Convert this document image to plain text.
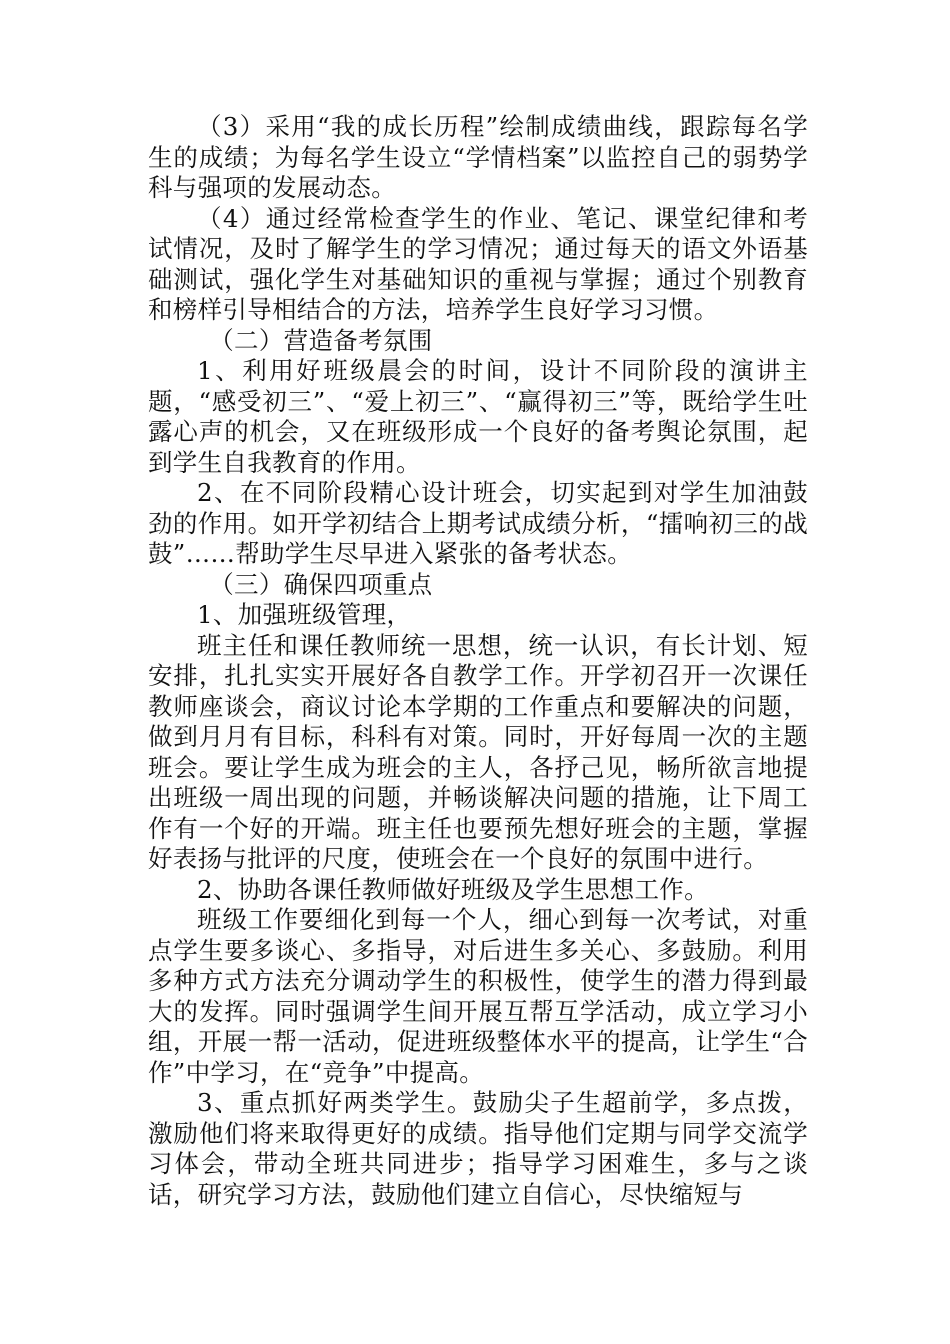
（3）采用“我的成长历程”绘制成绩曲线，跟踪每名学生的成绩；为每名学生设立“学情档案”以监控自己的弱势学科与强项的发展动态。

（4）通过经常检查学生的作业、笔记、课堂纪律和考试情况，及时了解学生的学习情况；通过每天的语文外语基础测试，强化学生对基础知识的重视与掌握；通过个别教育和榜样引导相结合的方法，培养学生良好学习习惯。

（二）营造备考氛围

1、利用好班级晨会的时间，设计不同阶段的演讲主题，“感受初三”、“爱上初三”、“赢得初三”等，既给学生吐露心声的机会，又在班级形成一个良好的备考舆论氛围，起到学生自我教育的作用。

2、在不同阶段精心设计班会，切实起到对学生加油鼓劲的作用。如开学初结合上期考试成绩分析，“擂响初三的战鼓”……帮助学生尽早进入紧张的备考状态。

（三）确保四项重点

1、加强班级管理，

班主任和课任教师统一思想，统一认识，有长计划、短安排，扎扎实实开展好各自教学工作。开学初召开一次课任教师座谈会，商议讨论本学期的工作重点和要解决的问题，做到月月有目标，科科有对策。同时，开好每周一次的主题班会。要让学生成为班会的主人，各抒己见，畅所欲言地提出班级一周出现的问题，并畅谈解决问题的措施，让下周工作有一个好的开端。班主任也要预先想好班会的主题，掌握好表扬与批评的尺度，使班会在一个良好的氛围中进行。

2、协助各课任教师做好班级及学生思想工作。

班级工作要细化到每一个人，细心到每一次考试，对重点学生要多谈心、多指导，对后进生多关心、多鼓励。利用多种方式方法充分调动学生的积极性，使学生的潜力得到最大的发挥。同时强调学生间开展互帮互学活动，成立学习小组，开展一帮一活动，促进班级整体水平的提高，让学生“合作”中学习，在“竞争”中提高。

3、重点抓好两类学生。鼓励尖子生超前学，多点拨，激励他们将来取得更好的成绩。指导他们定期与同学交流学习体会，带动全班共同进步；指导学习困难生，多与之谈话，研究学习方法，鼓励他们建立自信心，尽快缩短与
